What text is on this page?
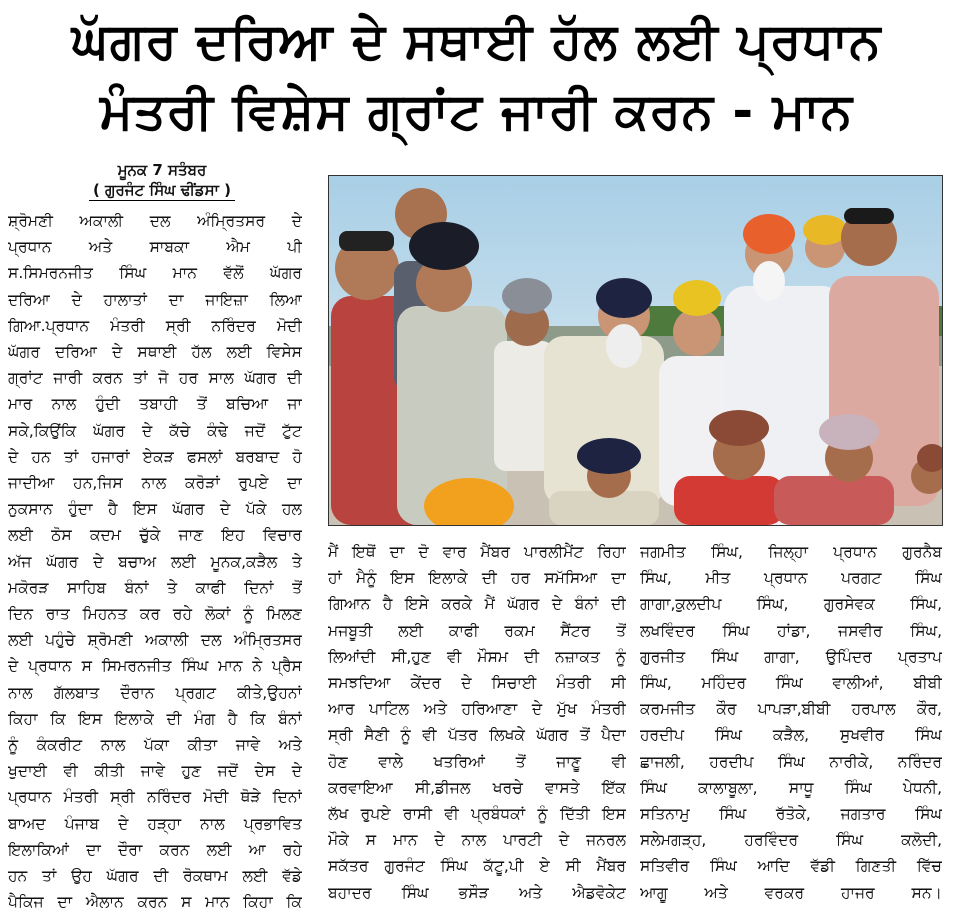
ਘੱਗਰ ਦਰਿਆ ਦੇ ਸਥਾਈ ਹੱਲ ਲਈ ਪ੍ਰਧਾਨ
ਮੰਤਰੀ ਵਿਸ਼ੇਸ ਗ੍ਰਾਂਟ ਜਾਰੀ ਕਰਨ - ਮਾਨ
ਮੂਨਕ 7 ਸਤੰਬਰ
( ਗੁਰਜੰਟ ਸਿੰਘ ਢੀਂਡਸਾ )
ਸ਼੍ਰੋਮਣੀ ਅਕਾਲੀ ਦਲ ਅੰਮ੍ਰਿਤਸਰ ਦੇ
ਪ੍ਰਧਾਨ ਅਤੇ ਸਾਬਕਾ ਐਮ ਪੀ
ਸ.ਸਿਮਰਨਜੀਤ ਸਿੰਘ ਮਾਨ ਵੱਲੋਂ ਘੱਗਰ
ਦਰਿਆ ਦੇ ਹਾਲਾਤਾਂ ਦਾ ਜਾਇਜ਼ਾ ਲਿਆ
ਗਿਆ.ਪ੍ਰਧਾਨ ਮੰਤਰੀ ਸ੍ਰੀ ਨਰਿੰਦਰ ਮੋਦੀ
ਘੱਗਰ ਦਰਿਆ ਦੇ ਸਥਾਈ ਹੱਲ ਲਈ ਵਿਸੇਸ
ਗ੍ਰਾਂਟ ਜਾਰੀ ਕਰਨ ਤਾਂ ਜੋ ਹਰ ਸਾਲ ਘੱਗਰ ਦੀ
ਮਾਰ ਨਾਲ ਹੁੰਦੀ ਤਬਾਹੀ ਤੋਂ ਬਚਿਆ ਜਾ
ਸਕੇ,ਕਿਉਂਕਿ ਘੱਗਰ ਦੇ ਕੱਚੇ ਕੰਢੇ ਜਦੋਂ ਟੁੱਟ
ਦੇ ਹਨ ਤਾਂ ਹਜਾਰਾਂ ਏਕੜ ਫਸਲਾਂ ਬਰਬਾਦ ਹੋ
ਜਾਦੀਆ ਹਨ,ਜਿਸ ਨਾਲ ਕਰੋੜਾਂ ਰੁਪਏ ਦਾ
ਨੁਕਸਾਨ ਹੁੰਦਾ ਹੈ ਇਸ ਘੱਗਰ ਦੇ ਪੱਕੇ ਹਲ
ਲਈ ਠੋਸ ਕਦਮ ਚੁੱਕੇ ਜਾਣ ਇਹ ਵਿਚਾਰ
ਅੱਜ ਘੱਗਰ ਦੇ ਬਚਾਅ ਲਈ ਮੂਨਕ,ਕੜੈਲ ਤੇ
ਮਕੋਰੜ ਸਾਹਿਬ ਬੰਨਾਂ ਤੇ ਕਾਫੀ ਦਿਨਾਂ ਤੋਂ
ਦਿਨ ਰਾਤ ਮਿਹਨਤ ਕਰ ਰਹੇ ਲੋਕਾਂ ਨੂੰ ਮਿਲਣ
ਲਈ ਪਹੁੰਚੇ ਸ਼੍ਰੋਮਣੀ ਅਕਾਲੀ ਦਲ ਅੰਮ੍ਰਿਤਸਰ
ਦੇ ਪ੍ਰਧਾਨ ਸ ਸਿਮਰਨਜੀਤ ਸਿੰਘ ਮਾਨ ਨੇ ਪ੍ਰੈਸ
ਨਾਲ ਗੱਲਬਾਤ ਦੌਰਾਨ ਪ੍ਰਗਟ ਕੀਤੇ,ਉਹਨਾਂ
ਕਿਹਾ ਕਿ ਇਸ ਇਲਾਕੇ ਦੀ ਮੰਗ ਹੈ ਕਿ ਬੰਨਾਂ
ਨੂੰ ਕੰਕਰੀਟ ਨਾਲ ਪੱਕਾ ਕੀਤਾ ਜਾਵੇ ਅਤੇ
ਖੁਦਾਈ ਵੀ ਕੀਤੀ ਜਾਵੇ ਹੁਣ ਜਦੋਂ ਦੇਸ ਦੇ
ਪ੍ਰਧਾਨ ਮੰਤਰੀ ਸ੍ਰੀ ਨਰਿੰਦਰ ਮੋਦੀ ਥੋੜੇ ਦਿਨਾਂ
ਬਾਅਦ ਪੰਜਾਬ ਦੇ ਹੜ੍ਹਾ ਨਾਲ ਪ੍ਰਭਾਵਿਤ
ਇਲਾਕਿਆਂ ਦਾ ਦੌਰਾ ਕਰਨ ਲਈ ਆ ਰਹੇ
ਹਨ ਤਾਂ ਉਹ ਘੱਗਰ ਦੀ ਰੋਕਥਾਮ ਲਈ ਵੱਡੇ
ਪੈਕਿਜ ਦਾ ਐਲਾਨ ਕਰਨ ਸ ਮਾਨ ਕਿਹਾ ਕਿ
ਮੈਂ ਇਥੋਂ ਦਾ ਦੋ ਵਾਰ ਮੈਂਬਰ ਪਾਰਲੀਮੈਂਟ ਰਿਹਾ
ਹਾਂ ਮੈਨੂੰ ਇਸ ਇਲਾਕੇ ਦੀ ਹਰ ਸਮੱਸਿਆ ਦਾ
ਗਿਆਨ ਹੈ ਇਸੇ ਕਰਕੇ ਮੈਂ ਘੱਗਰ ਦੇ ਬੰਨਾਂ ਦੀ
ਮਜਬੂਤੀ ਲਈ ਕਾਫੀ ਰਕਮ ਸੈਂਟਰ ਤੋਂ
ਲਿਆਂਦੀ ਸੀ,ਹੁਣ ਵੀ ਮੌਸਮ ਦੀ ਨਜ਼ਾਕਤ ਨੂੰ
ਸਮਝਦਿਆ ਕੇਂਦਰ ਦੇ ਸਿਚਾਈ ਮੰਤਰੀ ਸੀ
ਆਰ ਪਾਟਿਲ ਅਤੇ ਹਰਿਆਣਾ ਦੇ ਮੁੱਖ ਮੰਤਰੀ
ਸ੍ਰੀ ਸੈਣੀ ਨੂੰ ਵੀ ਪੱਤਰ ਲਿਖਕੇ ਘੱਗਰ ਤੋਂ ਪੈਦਾ
ਹੋਣ ਵਾਲੇ ਖਤਰਿਆਂ ਤੋਂ ਜਾਣੂ ਵੀ
ਕਰਵਾਇਆ ਸੀ,ਡੀਜਲ ਖਰਚੇ ਵਾਸਤੇ ਇੱਕ
ਲੱਖ ਰੁਪਏ ਰਾਸੀ ਵੀ ਪ੍ਰਬੰਧਕਾਂ ਨੂੰ ਦਿੱਤੀ ਇਸ
ਮੌਕੇ ਸ ਮਾਨ ਦੇ ਨਾਲ ਪਾਰਟੀ ਦੇ ਜਨਰਲ
ਸਕੱਤਰ ਗੁਰਜੰਟ ਸਿੰਘ ਕੱਟੂ,ਪੀ ਏ ਸੀ ਮੈਂਬਰ
ਬਹਾਦਰ ਸਿੰਘ ਭਸੌੜ ਅਤੇ ਐਡਵੋਕੇਟ
ਜਗਮੀਤ ਸਿੰਘ, ਜਿਲ੍ਹਾ ਪ੍ਰਧਾਨ ਗੁਰਨੈਬ
ਸਿੰਘ, ਮੀਤ ਪ੍ਰਧਾਨ ਪਰਗਟ ਸਿੰਘ
ਗਾਗਾ,ਕੁਲਦੀਪ ਸਿੰਘ, ਗੁਰਸੇਵਕ ਸਿੰਘ,
ਲਖਵਿੰਦਰ ਸਿੰਘ ਹਾਂਡਾ, ਜਸਵੀਰ ਸਿੰਘ,
ਗੁਰਜੀਤ ਸਿੰਘ ਗਾਗਾ, ਉਪਿੰਦਰ ਪ੍ਰਤਾਪ
ਸਿੰਘ, ਮਹਿੰਦਰ ਸਿੰਘ ਵਾਲੀਆਂ, ਬੀਬੀ
ਕਰਮਜੀਤ ਕੌਰ ਪਾਪੜਾ,ਬੀਬੀ ਹਰਪਾਲ ਕੌਰ,
ਹਰਦੀਪ ਸਿੰਘ ਕੜੈਲ, ਸੁਖਵੀਰ ਸਿੰਘ
ਛਾਜਲੀ, ਹਰਦੀਪ ਸਿੰਘ ਨਾਰੀਕੇ, ਨਰਿੰਦਰ
ਸਿੰਘ ਕਾਲਾਬੂਲਾ, ਸਾਧੂ ਸਿੰਘ ਪੇਧਨੀ,
ਸਤਿਨਾਮੁ ਸਿੰਘ ਰੱਤੋਕੇ, ਜਗਤਾਰ ਸਿੰਘ
ਸਲੇਮਗੜ੍ਹ, ਹਰਵਿੰਦਰ ਸਿੰਘ ਕਲੋਦੀ,
ਸਤਿਵੀਰ ਸਿੰਘ ਆਦਿ ਵੱਡੀ ਗਿਣਤੀ ਵਿੱਚ
ਆਗੂ ਅਤੇ ਵਰਕਰ ਹਾਜਰ ਸਨ।
